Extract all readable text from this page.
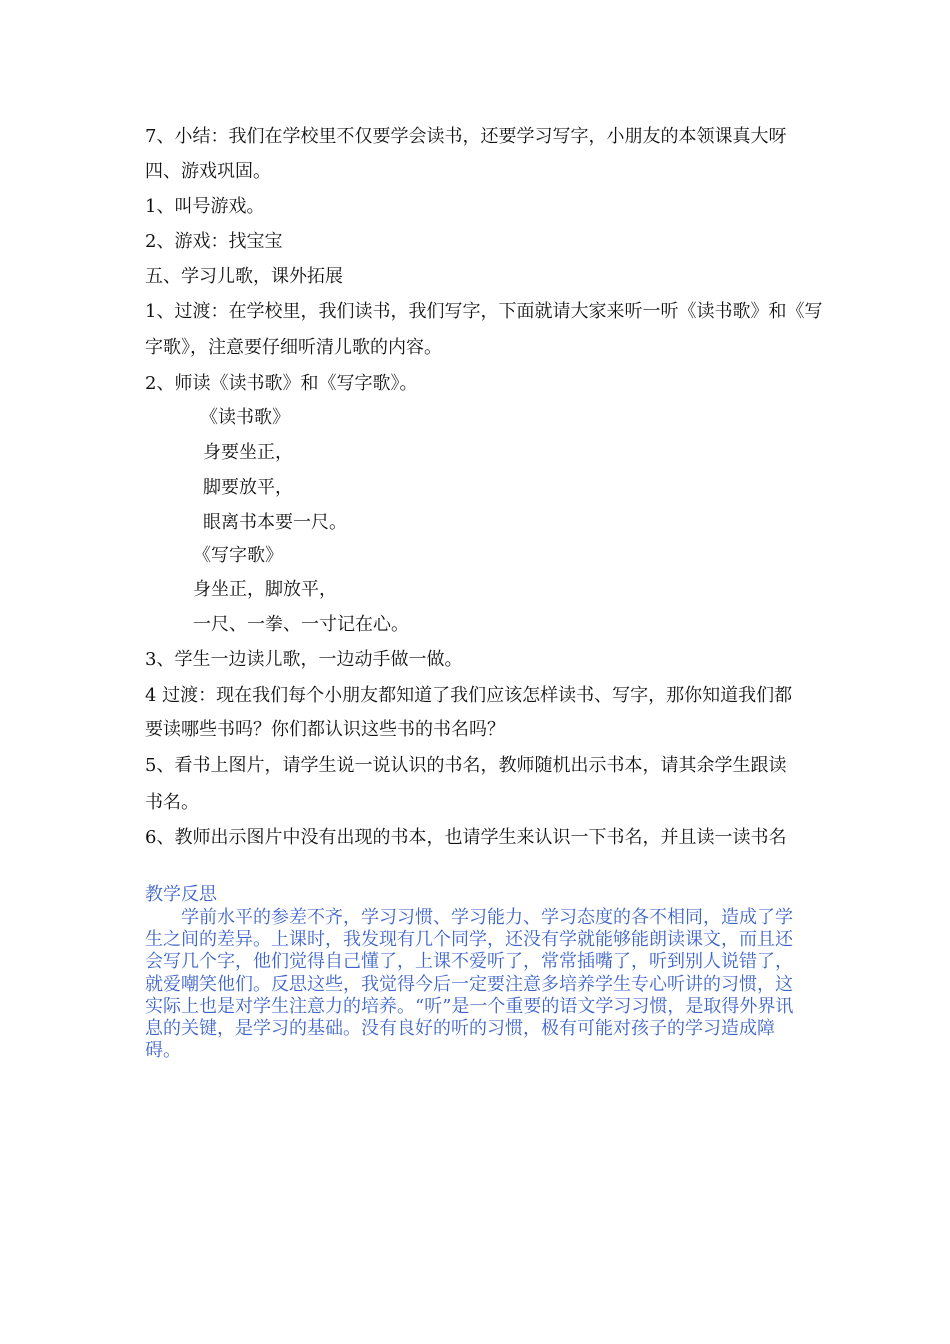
7、小结：我们在学校里不仅要学会读书，还要学习写字，小朋友的本领课真大呀
四、游戏巩固。
1、叫号游戏。
2、游戏：找宝宝
五、学习儿歌，课外拓展
1、过渡：在学校里，我们读书，我们写字，下面就请大家来听一听《读书歌》和《写
字歌》，注意要仔细听清儿歌的内容。
2、师读《读书歌》和《写字歌》。
《读书歌》
身要坐正，
脚要放平，
眼离书本要一尺。
《写字歌》
身坐正，脚放平，
一尺、一拳、一寸记在心。
3、学生一边读儿歌，一边动手做一做。
4 过渡：现在我们每个小朋友都知道了我们应该怎样读书、写字，那你知道我们都
要读哪些书吗？你们都认识这些书的书名吗？
5、看书上图片，请学生说一说认识的书名，教师随机出示书本，请其余学生跟读
书名。
6、教师出示图片中没有出现的书本，也请学生来认识一下书名，并且读一读书名
教学反思

学前水平的参差不齐，学习习惯、学习能力、学习态度的各不相同，造成了学生之间的差异。上课时，我发现有几个同学，还没有学就能够能朗读课文，而且还会写几个字，他们觉得自己懂了，上课不爱听了，常常插嘴了，听到别人说错了，就爱嘲笑他们。反思这些，我觉得今后一定要注意多培养学生专心听讲的习惯，这实际上也是对学生注意力的培养。“听”是一个重要的语文学习习惯，是取得外界讯息的关键，是学习的基础。没有良好的听的习惯，极有可能对孩子的学习造成障碍。
